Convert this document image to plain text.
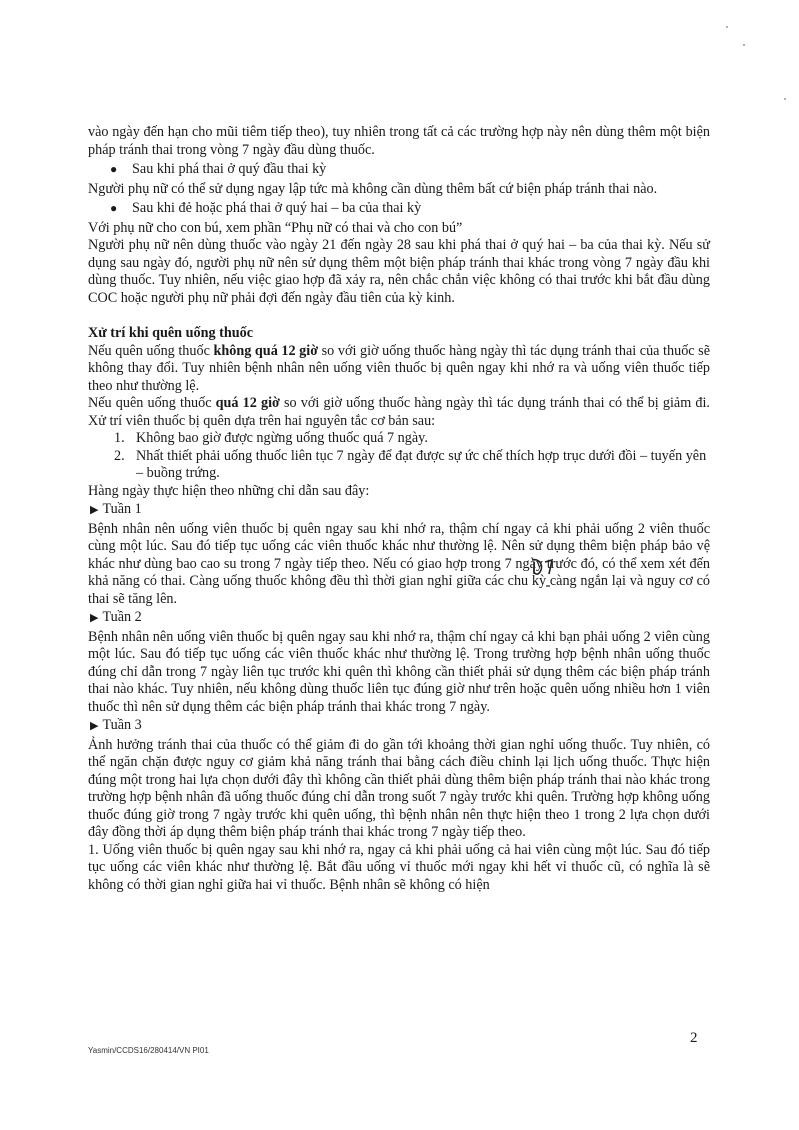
vào ngày đến hạn cho mũi tiêm tiếp theo), tuy nhiên trong tất cả các trường hợp này nên dùng thêm một biện pháp tránh thai trong vòng 7 ngày đầu dùng thuốc.

●	Sau khi phá thai ở quý đầu thai kỳ

Người phụ nữ có thể sử dụng ngay lập tức mà không cần dùng thêm bất cứ biện pháp tránh thai nào.

●	Sau khi đẻ hoặc phá thai ở quý hai – ba của thai kỳ

Với phụ nữ cho con bú, xem phần “Phụ nữ có thai và cho con bú”

Người phụ nữ nên dùng thuốc vào ngày 21 đến ngày 28 sau khi phá thai ở quý hai – ba của thai kỳ. Nếu sử dụng sau ngày đó, người phụ nữ nên sử dụng thêm một biện pháp tránh thai khác trong vòng 7 ngày đầu khi dùng thuốc. Tuy nhiên, nếu việc giao hợp đã xảy ra, nên chắc chắn việc không có thai trước khi bắt đầu dùng COC hoặc người phụ nữ phải đợi đến ngày đầu tiên của kỳ kinh.

Xử trí khi quên uống thuốc

Nếu quên uống thuốc không quá 12 giờ so với giờ uống thuốc hàng ngày thì tác dụng tránh thai của thuốc sẽ không thay đổi. Tuy nhiên bệnh nhân nên uống viên thuốc bị quên ngay khi nhớ ra và uống viên thuốc tiếp theo như thường lệ.

Nếu quên uống thuốc quá 12 giờ so với giờ uống thuốc hàng ngày thì tác dụng tránh thai có thể bị giảm đi. Xử trí viên thuốc bị quên dựa trên hai nguyên tắc cơ bản sau:

1. Không bao giờ được ngừng uống thuốc quá 7 ngày.
2. Nhất thiết phải uống thuốc liên tục 7 ngày để đạt được sự ức chế thích hợp trục dưới đồi – tuyến yên – buồng trứng.

Hàng ngày thực hiện theo những chỉ dẫn sau đây:

▶ Tuần 1

Bệnh nhân nên uống viên thuốc bị quên ngay sau khi nhớ ra, thậm chí ngay cả khi phải uống 2 viên thuốc cùng một lúc. Sau đó tiếp tục uống các viên thuốc khác như thường lệ. Nên sử dụng thêm biện pháp bảo vệ khác như dùng bao cao su trong 7 ngày tiếp theo. Nếu có giao hợp trong 7 ngày trước đó, có thể xem xét đến khả năng có thai. Càng uống thuốc không đều thì thời gian nghỉ giữa các chu kỳ càng ngắn lại và nguy cơ có thai sẽ tăng lên.

▶ Tuần 2

Bệnh nhân nên uống viên thuốc bị quên ngay sau khi nhớ ra, thậm chí ngay cả khi bạn phải uống 2 viên cùng một lúc. Sau đó tiếp tục uống các viên thuốc khác như thường lệ. Trong trường hợp bệnh nhân uống thuốc đúng chỉ dẫn trong 7 ngày liên tục trước khi quên thì không cần thiết phải sử dụng thêm các biện pháp tránh thai nào khác. Tuy nhiên, nếu không dùng thuốc liên tục đúng giờ như trên hoặc quên uống nhiều hơn 1 viên thuốc thì nên sử dụng thêm các biện pháp tránh thai khác trong 7 ngày.

▶ Tuần 3

Ảnh hưởng tránh thai của thuốc có thể giảm đi do gần tới khoảng thời gian nghỉ uống thuốc. Tuy nhiên, có thể ngăn chặn được nguy cơ giảm khả năng tránh thai bằng cách điều chỉnh lại lịch uống thuốc. Thực hiện đúng một trong hai lựa chọn dưới đây thì không cần thiết phải dùng thêm biện pháp tránh thai nào khác trong trường hợp bệnh nhân đã uống thuốc đúng chỉ dẫn trong suốt 7 ngày trước khi quên. Trường hợp không uống thuốc đúng giờ trong 7 ngày trước khi quên uống, thì bệnh nhân nên thực hiện theo 1 trong 2 lựa chọn dưới đây đồng thời áp dụng thêm biện pháp tránh thai khác trong 7 ngày tiếp theo.

1. Uống viên thuốc bị quên ngay sau khi nhớ ra, ngay cả khi phải uống cả hai viên cùng một lúc. Sau đó tiếp tục uống các viên khác như thường lệ. Bắt đầu uống vỉ thuốc mới ngay khi hết vỉ thuốc cũ, có nghĩa là sẽ không có thời gian nghỉ giữa hai vỉ thuốc. Bệnh nhân sẽ không có hiện

Yasmin/CCDS16/280414/VN PI01
2
